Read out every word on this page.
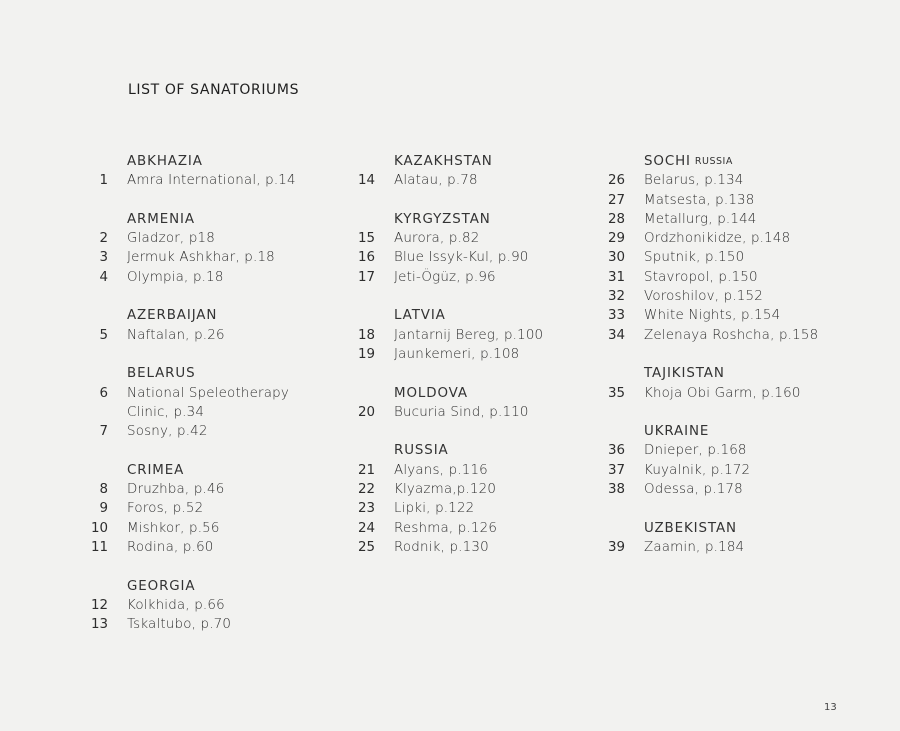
LIST OF SANATORIUMS
ABKHAZIA
1	Amra International, p.14
ARMENIA
2	Gladzor, p18
3	Jermuk Ashkhar, p.18
4	Olympia, p.18
AZERBAIJAN
5	Naftalan, p.26
BELARUS
6	National Speleotherapy
Clinic, p.34
7	Sosny, p.42
CRIMEA
8	Druzhba, p.46
9	Foros, p.52
10	Mishkor, p.56
11	Rodina, p.60
GEORGIA
12	Kolkhida, p.66
13	Tskaltubo, p.70
KAZAKHSTAN
14	Alatau, p.78
KYRGYZSTAN
15	Aurora, p.82
16	Blue Issyk-Kul, p.90
17	Jeti-Ögüz, p.96
LATVIA
18	Jantarnij Bereg, p.100
19	Jaunkemeri, p.108
MOLDOVA
20	Bucuria Sind, p.110
RUSSIA
21	Alyans, p.116
22	Klyazma,p.120
23	Lipki, p.122
24	Reshma, p.126
25	Rodnik, p.130
SOCHI RUSSIA
26	Belarus, p.134
27	Matsesta, p.138
28	Metallurg, p.144
29	Ordzhonikidze, p.148
30	Sputnik, p.150
31	Stavropol, p.150
32	Voroshilov, p.152
33	White Nights, p.154
34	Zelenaya Roshcha, p.158
TAJIKISTAN
35	Khoja Obi Garm, p.160
UKRAINE
36	Dnieper, p.168
37	Kuyalnik, p.172
38	Odessa, p.178
UZBEKISTAN
39	Zaamin, p.184
13
